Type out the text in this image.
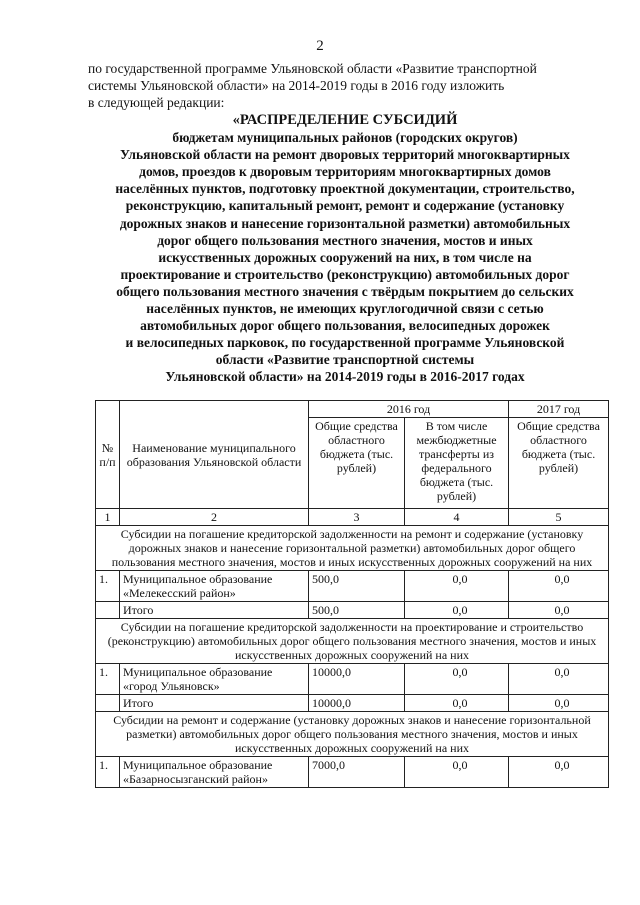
2
по государственной программе Ульяновской области «Развитие транспортной
системы Ульяновской области» на 2014-2019 годы в 2016 году изложить
в следующей редакции:
«РАСПРЕДЕЛЕНИЕ СУБСИДИЙ
бюджетам муниципальных районов (городских округов)
Ульяновской области на ремонт дворовых территорий многоквартирных
домов, проездов к дворовым территориям многоквартирных домов
населённых пунктов, подготовку проектной документации, строительство,
реконструкцию, капитальный ремонт, ремонт и содержание (установку
дорожных знаков и нанесение горизонтальной разметки) автомобильных
дорог общего пользования местного значения, мостов и иных
искусственных дорожных сооружений на них, в том числе на
проектирование и строительство (реконструкцию) автомобильных дорог
общего пользования местного значения с твёрдым покрытием до сельских
населённых пунктов, не имеющих круглогодичной связи с сетью
автомобильных дорог общего пользования, велосипедных дорожек
и велосипедных парковок, по государственной программе Ульяновской
области «Развитие транспортной системы
Ульяновской области» на 2014-2019 годы в 2016-2017 годах
№ п/п	Наименование муниципального образования Ульяновской области	2016 год		2017 год
		Общие средства областного бюджета (тыс. рублей)	В том числе межбюджетные трансферты из федерального бюджета (тыс. рублей)	Общие средства областного бюджета (тыс. рублей)
1	2	3	4	5
Субсидии на погашение кредиторской задолженности на ремонт и содержание (установку дорожных знаков и нанесение горизонтальной разметки) автомобильных дорог общего пользования местного значения, мостов и иных искусственных дорожных сооружений на них				
1.	Муниципальное образование «Мелекесский район»	500,0	0,0	0,0
	Итого	500,0	0,0	0,0
Субсидии на погашение кредиторской задолженности на проектирование и строительство (реконструкцию) автомобильных дорог общего пользования местного значения, мостов и иных искусственных дорожных сооружений на них				
1.	Муниципальное образование «город Ульяновск»	10000,0	0,0	0,0
	Итого	10000,0	0,0	0,0
Субсидии на ремонт и содержание (установку дорожных знаков и нанесение горизонтальной разметки) автомобильных дорог общего пользования местного значения, мостов и иных искусственных дорожных сооружений на них				
1.	Муниципальное образование «Базарносызганский район»	7000,0	0,0	0,0
